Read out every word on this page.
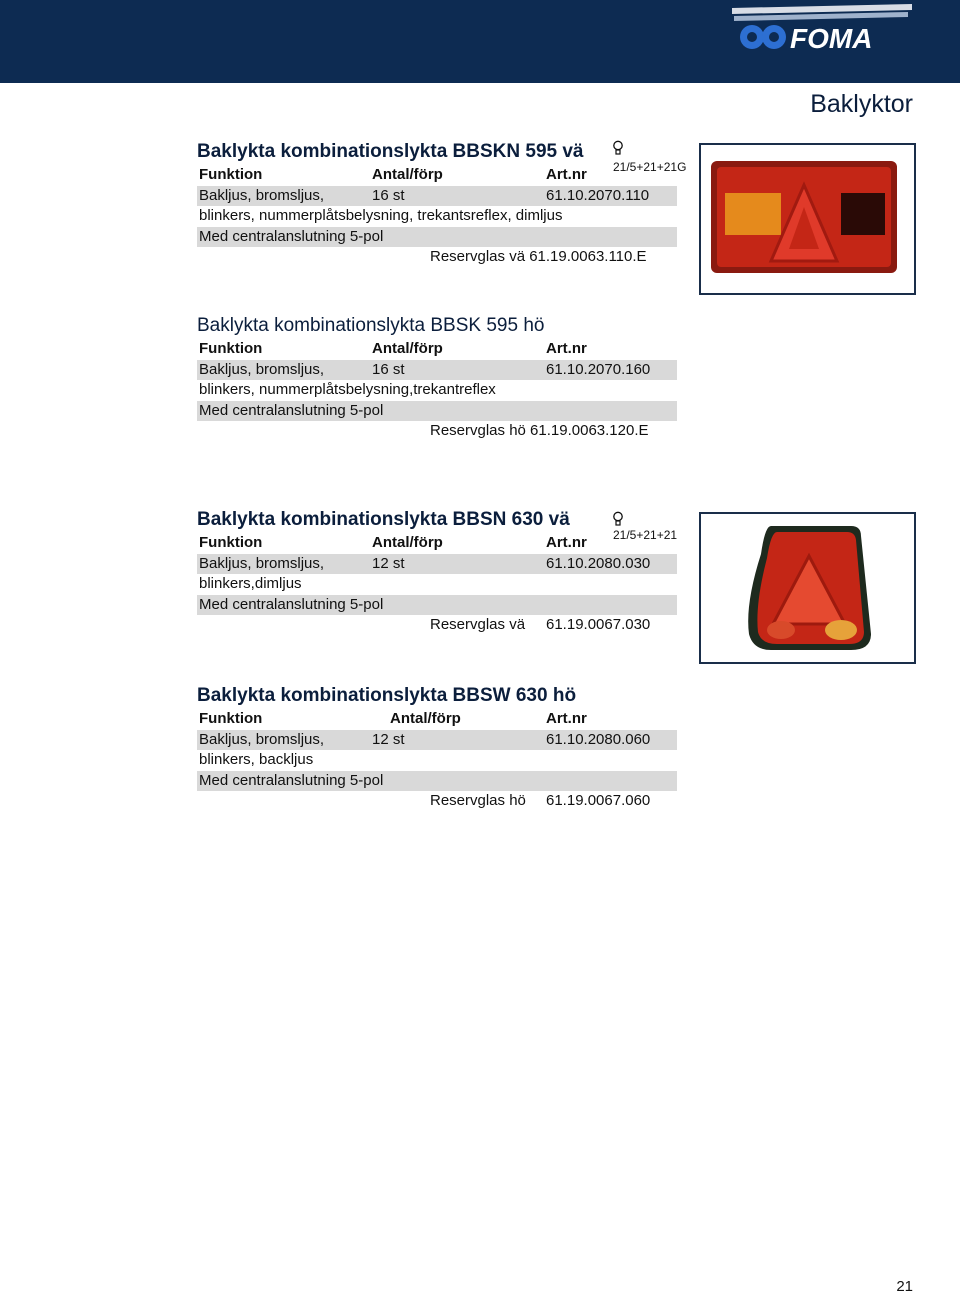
FOMA
Baklyktor
Baklykta kombinationslykta BBSKN 595 vä
Funktion	Antal/förp	Art.nr
Bakljus, bromsljus,	16 st	61.10.2070.110
blinkers, nummerplåtsbelysning, trekantsreflex, dimljus
Med centralanslutning 5-pol
Reservglas vä 61.19.0063.110.E
21/5+21+21G
Baklykta kombinationslykta BBSK 595 hö
Funktion	Antal/förp	Art.nr
Bakljus, bromsljus,	16 st	61.10.2070.160
blinkers, nummerplåtsbelysning,trekantreflex
Med centralanslutning 5-pol
Reservglas hö 61.19.0063.120.E
Baklykta kombinationslykta BBSN 630 vä
Funktion	Antal/förp	Art.nr
Bakljus, bromsljus,	12 st	61.10.2080.030
blinkers,dimljus
Med centralanslutning 5-pol
Reservglas vä 61.19.0067.030
21/5+21+21
Baklykta kombinationslykta BBSW 630 hö
Funktion	Antal/förp	Art.nr
Bakljus, bromsljus,	12 st	61.10.2080.060
blinkers, backljus
Med centralanslutning 5-pol
Reservglas hö 61.19.0067.060
21
